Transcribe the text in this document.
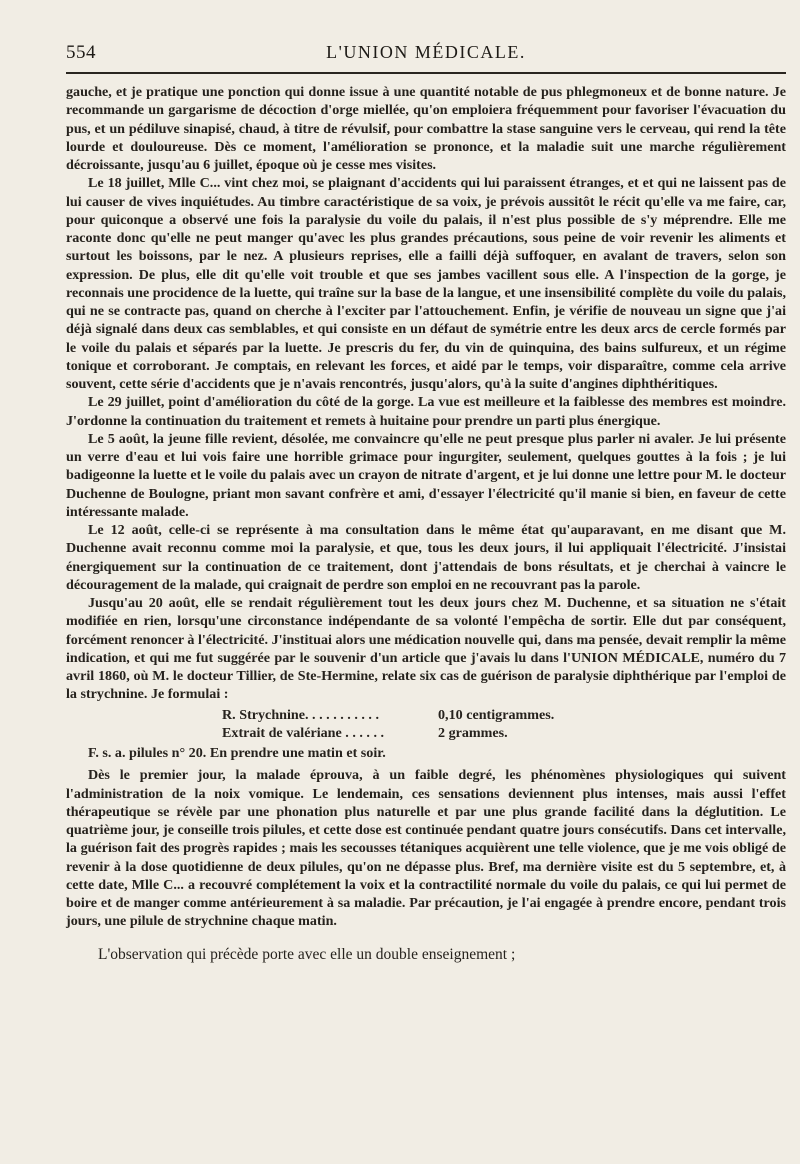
554	L'UNION MÉDICALE.

gauche, et je pratique une ponction qui donne issue à une quantité notable de pus phlegmoneux et de bonne nature. Je recommande un gargarisme de décoction d'orge miellée, qu'on emploiera fréquemment pour favoriser l'évacuation du pus, et un pédiluve sinapisé, chaud, à titre de révulsif, pour combattre la stase sanguine vers le cerveau, qui rend la tête lourde et douloureuse. Dès ce moment, l'amélioration se prononce, et la maladie suit une marche régulièrement décroissante, jusqu'au 6 juillet, époque où je cesse mes visites.

Le 18 juillet, Mlle C... vint chez moi, se plaignant d'accidents qui lui paraissent étranges, et et qui ne laissent pas de lui causer de vives inquiétudes. Au timbre caractéristique de sa voix, je prévois aussitôt le récit qu'elle va me faire, car, pour quiconque a observé une fois la paralysie du voile du palais, il n'est plus possible de s'y méprendre. Elle me raconte donc qu'elle ne peut manger qu'avec les plus grandes précautions, sous peine de voir revenir les aliments et surtout les boissons, par le nez. A plusieurs reprises, elle a failli déjà suffoquer, en avalant de travers, selon son expression. De plus, elle dit qu'elle voit trouble et que ses jambes vacillent sous elle. A l'inspection de la gorge, je reconnais une procidence de la luette, qui traîne sur la base de la langue, et une insensibilité complète du voile du palais, qui ne se contracte pas, quand on cherche à l'exciter par l'attouchement. Enfin, je vérifie de nouveau un signe que j'ai déjà signalé dans deux cas semblables, et qui consiste en un défaut de symétrie entre les deux arcs de cercle formés par le voile du palais et séparés par la luette. Je prescris du fer, du vin de quinquina, des bains sulfureux, et un régime tonique et corroborant. Je comptais, en relevant les forces, et aidé par le temps, voir disparaître, comme cela arrive souvent, cette série d'accidents que je n'avais rencontrés, jusqu'alors, qu'à la suite d'angines diphthéritiques.

Le 29 juillet, point d'amélioration du côté de la gorge. La vue est meilleure et la faiblesse des membres est moindre. J'ordonne la continuation du traitement et remets à huitaine pour prendre un parti plus énergique.

Le 5 août, la jeune fille revient, désolée, me convaincre qu'elle ne peut presque plus parler ni avaler. Je lui présente un verre d'eau et lui vois faire une horrible grimace pour ingurgiter, seulement, quelques gouttes à la fois ; je lui badigeonne la luette et le voile du palais avec un crayon de nitrate d'argent, et je lui donne une lettre pour M. le docteur Duchenne de Boulogne, priant mon savant confrère et ami, d'essayer l'électricité qu'il manie si bien, en faveur de cette intéressante malade.

Le 12 août, celle-ci se représente à ma consultation dans le même état qu'auparavant, en me disant que M. Duchenne avait reconnu comme moi la paralysie, et que, tous les deux jours, il lui appliquait l'électricité. J'insistai énergiquement sur la continuation de ce traitement, dont j'attendais de bons résultats, et je cherchai à vaincre le découragement de la malade, qui craignait de perdre son emploi en ne recouvrant pas la parole.

Jusqu'au 20 août, elle se rendait régulièrement tout les deux jours chez M. Duchenne, et sa situation ne s'était modifiée en rien, lorsqu'une circonstance indépendante de sa volonté l'empêcha de sortir. Elle dut par conséquent, forcément renoncer à l'électricité. J'instituai alors une médication nouvelle qui, dans ma pensée, devait remplir la même indication, et qui me fut suggérée par le souvenir d'un article que j'avais lu dans l'UNION MÉDICALE, numéro du 7 avril 1860, où M. le docteur Tillier, de Ste-Hermine, relate six cas de guérison de paralysie diphthérique par l'emploi de la strychnine. Je formulai :

R. Strychnine. . . . . . . . . . .	0,10 centigrammes.
Extrait de valériane . . . . . .	2 grammes.
F. s. a. pilules n° 20. En prendre une matin et soir.

Dès le premier jour, la malade éprouva, à un faible degré, les phénomènes physiologiques qui suivent l'administration de la noix vomique. Le lendemain, ces sensations deviennent plus intenses, mais aussi l'effet thérapeutique se révèle par une phonation plus naturelle et par une plus grande facilité dans la déglutition. Le quatrième jour, je conseille trois pilules, et cette dose est continuée pendant quatre jours consécutifs. Dans cet intervalle, la guérison fait des progrès rapides ; mais les secousses tétaniques acquièrent une telle violence, que je me vois obligé de revenir à la dose quotidienne de deux pilules, qu'on ne dépasse plus. Bref, ma dernière visite est du 5 septembre, et, à cette date, Mlle C... a recouvré complétement la voix et la contractilité normale du voile du palais, ce qui lui permet de boire et de manger comme antérieurement à sa maladie. Par précaution, je l'ai engagée à prendre encore, pendant trois jours, une pilule de strychnine chaque matin.

L'observation qui précède porte avec elle un double enseignement ;
